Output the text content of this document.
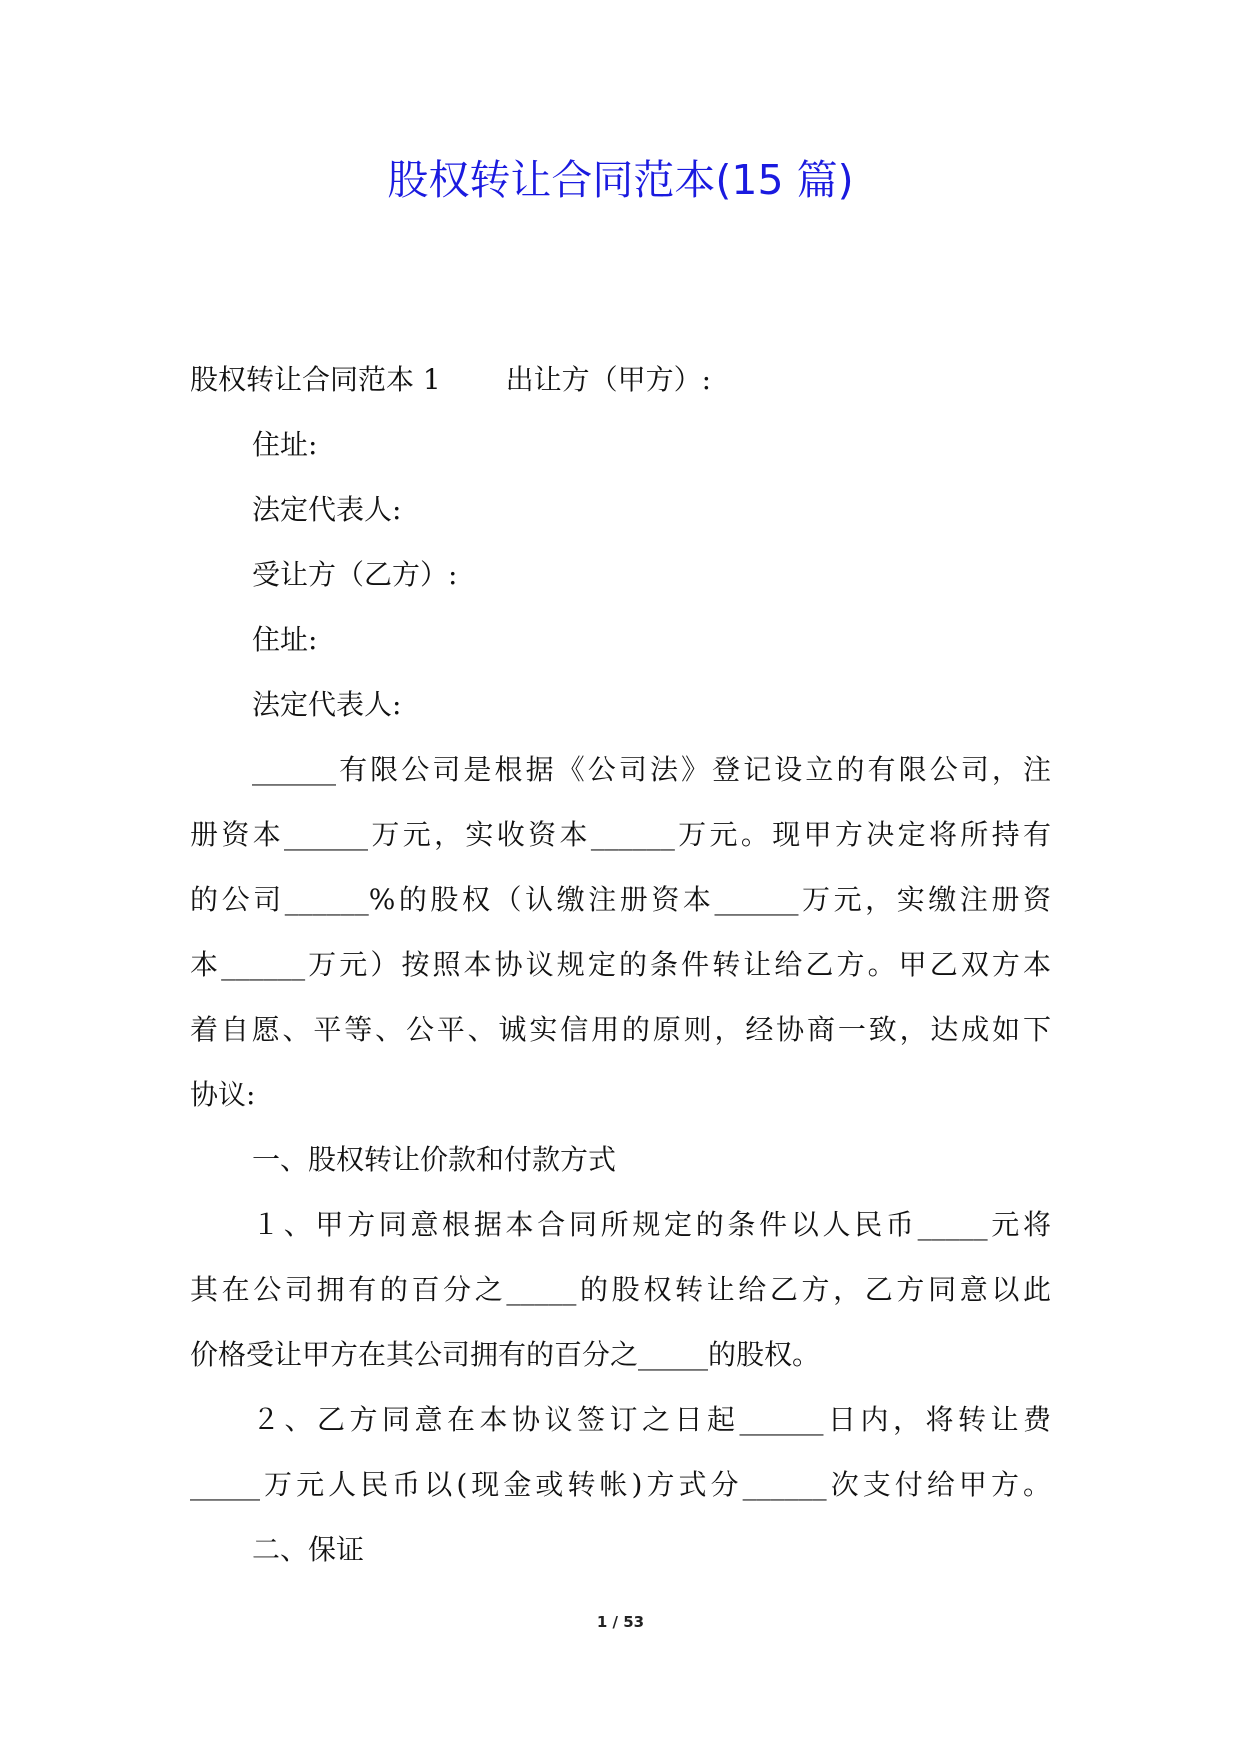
股权转让合同范本(15 篇)
股权转让合同范本 1　　 出让方（甲方）:
住址:
法定代表人:
受让方（乙方）:
住址:
法定代表人:
______有限公司是根据《公司法》登记设立的有限公司，注
册资本______万元，实收资本______万元。现甲方决定将所持有
的公司______%的股权（认缴注册资本______万元，实缴注册资
本______万元）按照本协议规定的条件转让给乙方。甲乙双方本
着自愿、平等、公平、诚实信用的原则，经协商一致，达成如下
协议:
一、股权转让价款和付款方式
１、甲方同意根据本合同所规定的条件以人民币_____元将
其在公司拥有的百分之_____的股权转让给乙方，乙方同意以此
价格受让甲方在其公司拥有的百分之_____的股权。
２、乙方同意在本协议签订之日起______日内，将转让费
_____万元人民币以(现金或转帐)方式分______次支付给甲方。
二、保证
1 / 53
